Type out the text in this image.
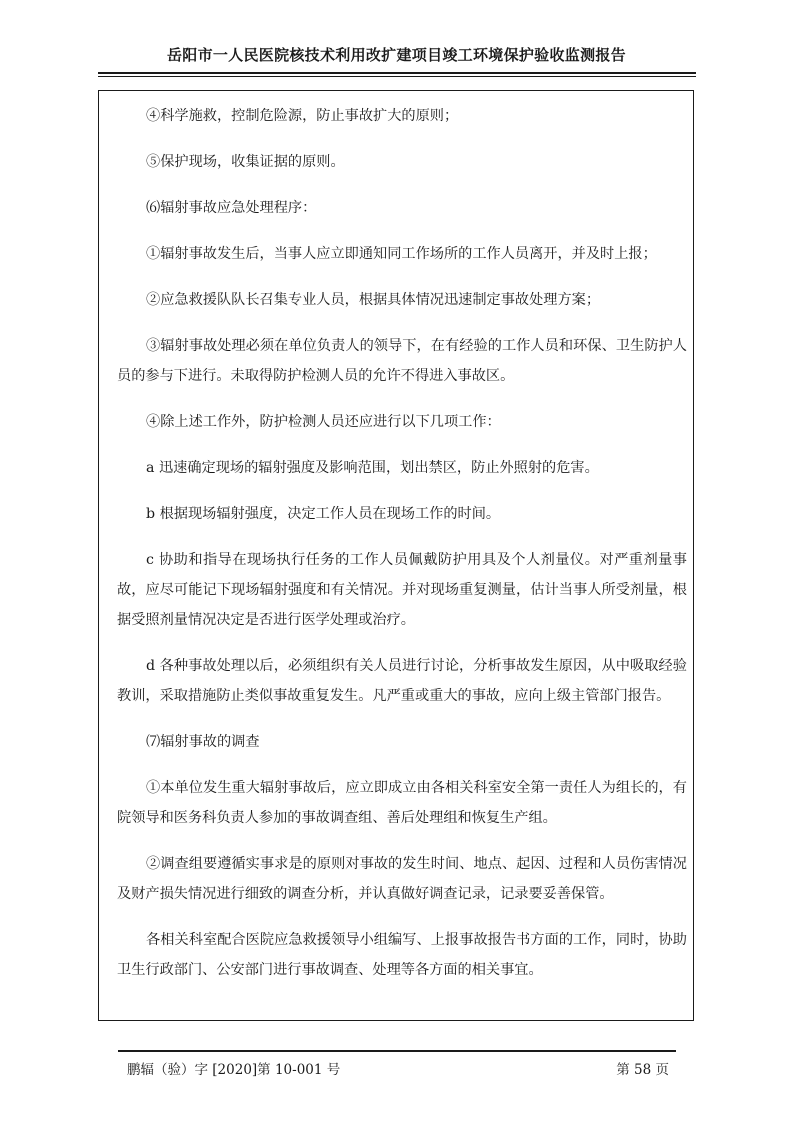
岳阳市一人民医院核技术利用改扩建项目竣工环境保护验收监测报告

④科学施救，控制危险源，防止事故扩大的原则；

⑤保护现场，收集证据的原则。

⑹辐射事故应急处理程序：

①辐射事故发生后，当事人应立即通知同工作场所的工作人员离开，并及时上报；

②应急救援队队长召集专业人员，根据具体情况迅速制定事故处理方案；

③辐射事故处理必须在单位负责人的领导下，在有经验的工作人员和环保、卫生防护人员的参与下进行。未取得防护检测人员的允许不得进入事故区。

④除上述工作外，防护检测人员还应进行以下几项工作：

a 迅速确定现场的辐射强度及影响范围，划出禁区，防止外照射的危害。

b 根据现场辐射强度，决定工作人员在现场工作的时间。

c 协助和指导在现场执行任务的工作人员佩戴防护用具及个人剂量仪。对严重剂量事故，应尽可能记下现场辐射强度和有关情况。并对现场重复测量，估计当事人所受剂量，根据受照剂量情况决定是否进行医学处理或治疗。

d 各种事故处理以后，必须组织有关人员进行讨论，分析事故发生原因，从中吸取经验教训，采取措施防止类似事故重复发生。凡严重或重大的事故，应向上级主管部门报告。

⑺辐射事故的调查

①本单位发生重大辐射事故后，应立即成立由各相关科室安全第一责任人为组长的，有院领导和医务科负责人参加的事故调查组、善后处理组和恢复生产组。

②调查组要遵循实事求是的原则对事故的发生时间、地点、起因、过程和人员伤害情况及财产损失情况进行细致的调查分析，并认真做好调查记录，记录要妥善保管。

各相关科室配合医院应急救援领导小组编写、上报事故报告书方面的工作，同时，协助卫生行政部门、公安部门进行事故调查、处理等各方面的相关事宜。

鹏辐（验）字 [2020]第 10-001 号	第 58 页
